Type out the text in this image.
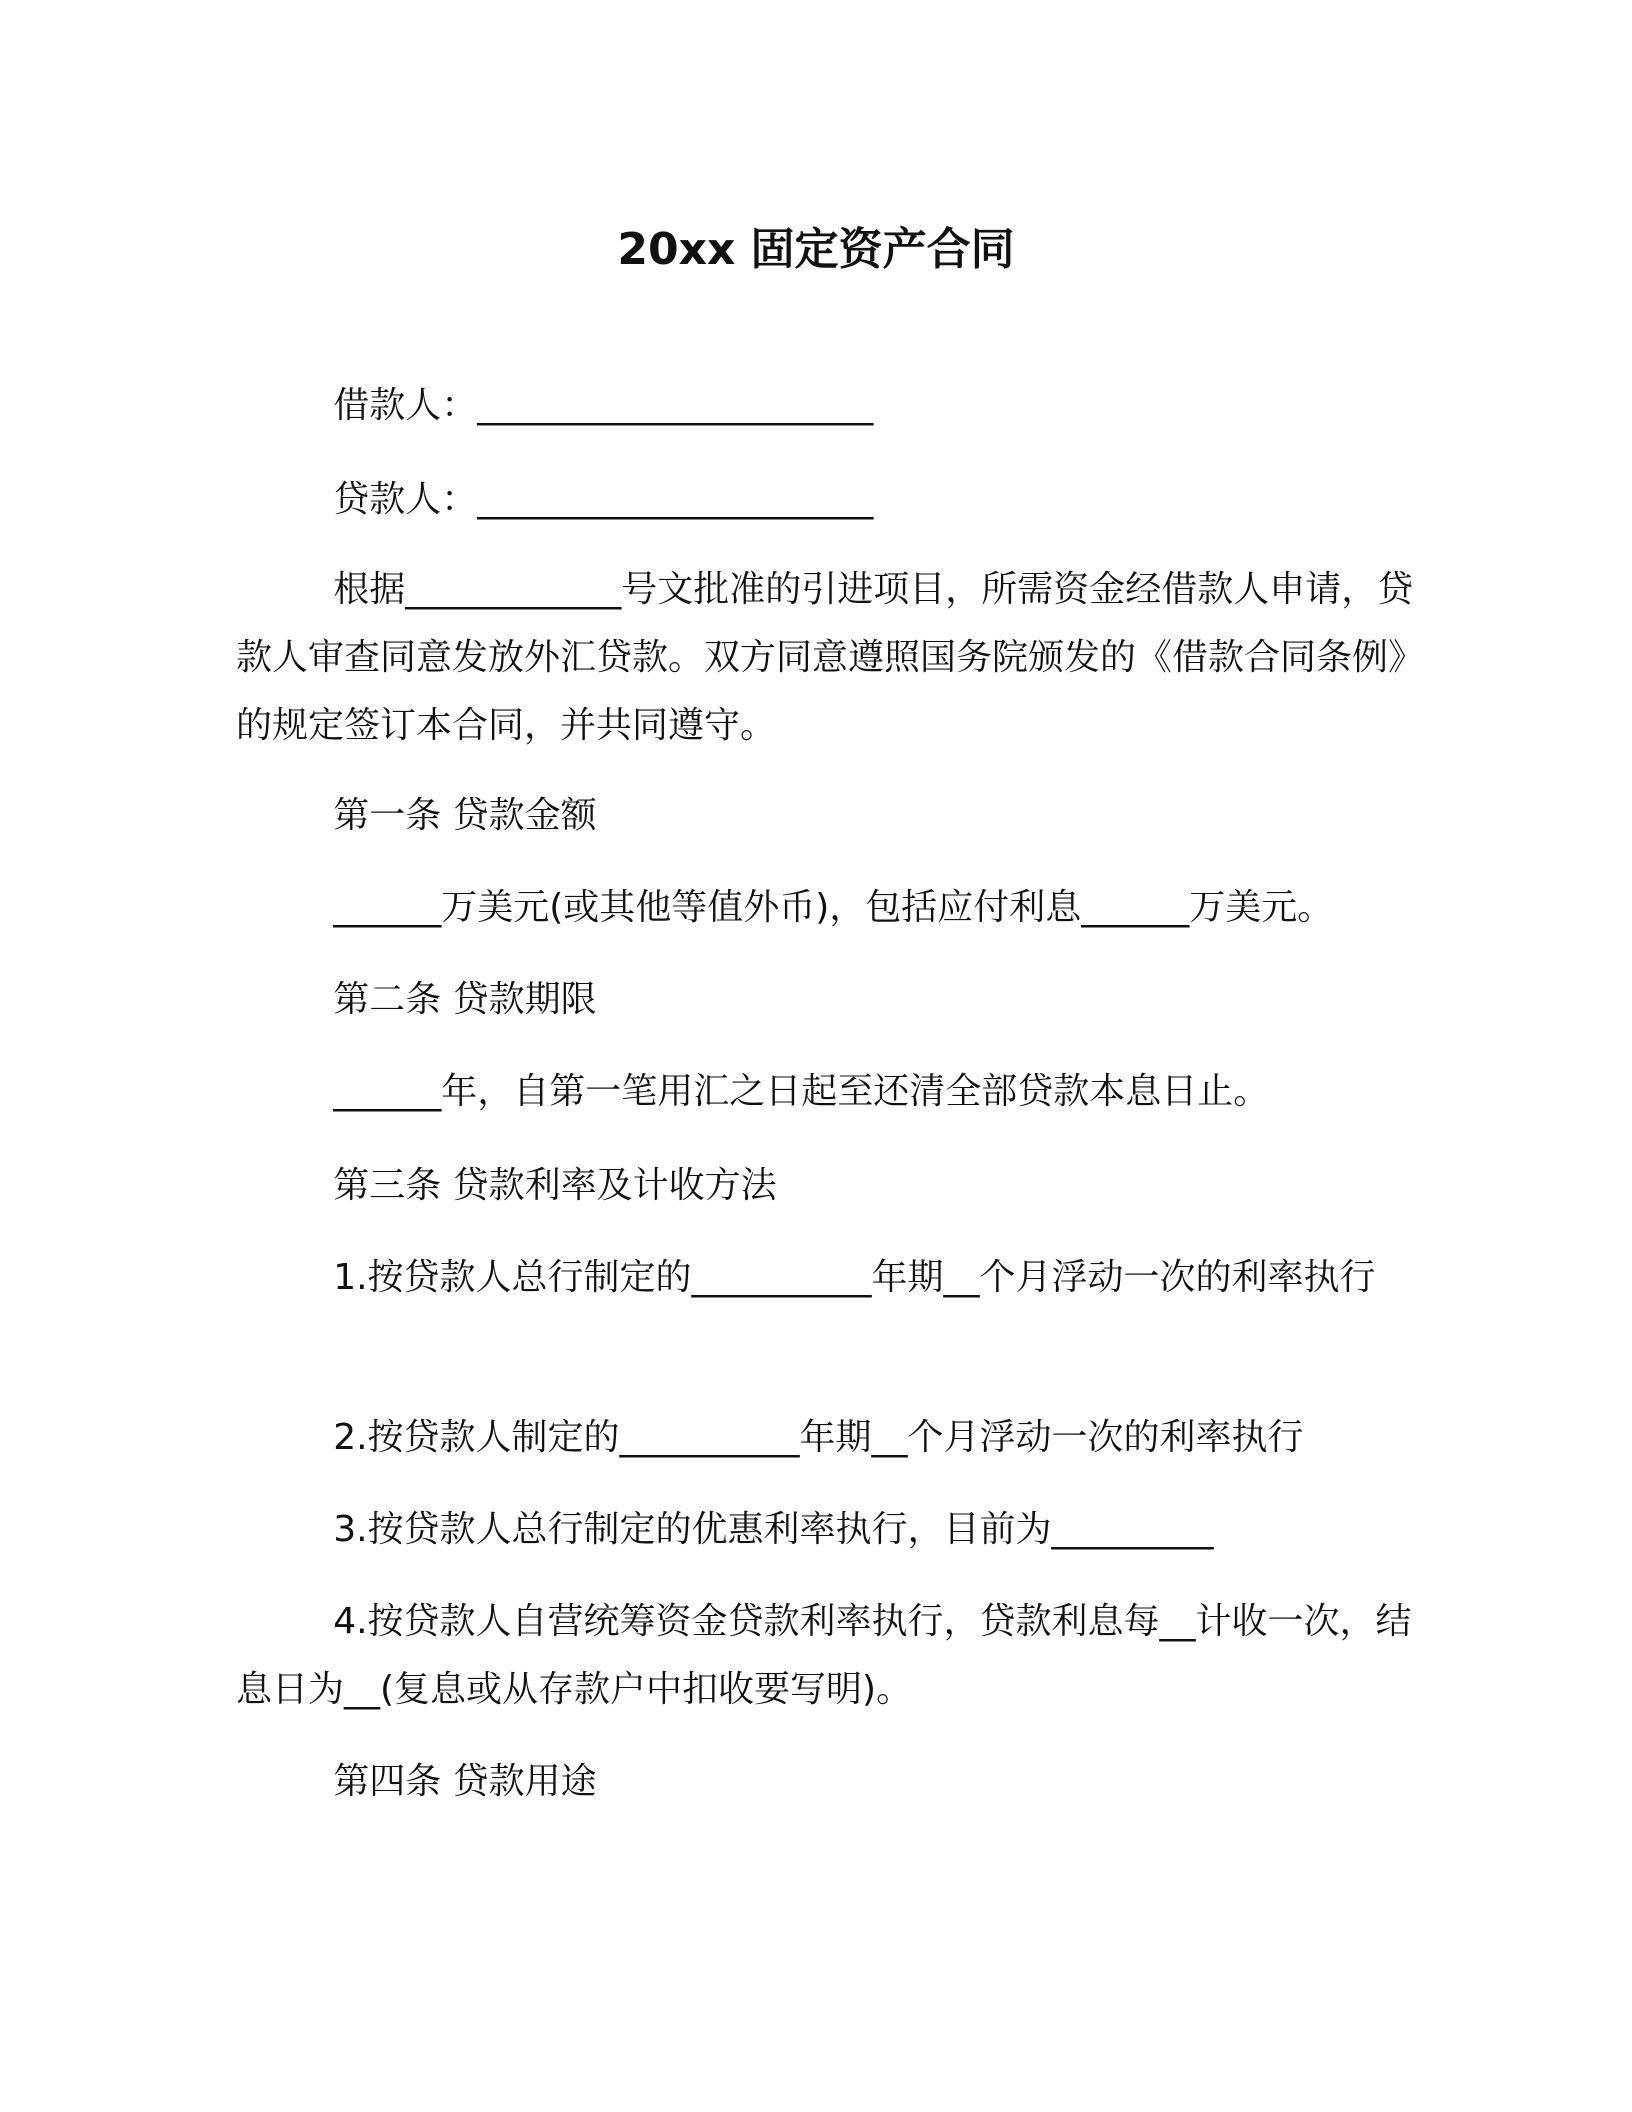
20xx 固定资产合同

借款人：______________________

贷款人：______________________

根据____________号文批准的引进项目，所需资金经借款人申请，贷款人审查同意发放外汇贷款。双方同意遵照国务院颁发的《借款合同条例》的规定签订本合同，并共同遵守。

第一条 贷款金额

______万美元(或其他等值外币)，包括应付利息______万美元。

第二条 贷款期限

______年，自第一笔用汇之日起至还清全部贷款本息日止。

第三条 贷款利率及计收方法

1.按贷款人总行制定的__________年期__个月浮动一次的利率执行

2.按贷款人制定的__________年期__个月浮动一次的利率执行

3.按贷款人总行制定的优惠利率执行，目前为_________

4.按贷款人自营统筹资金贷款利率执行，贷款利息每__计收一次，结息日为__(复息或从存款户中扣收要写明)。

第四条 贷款用途
